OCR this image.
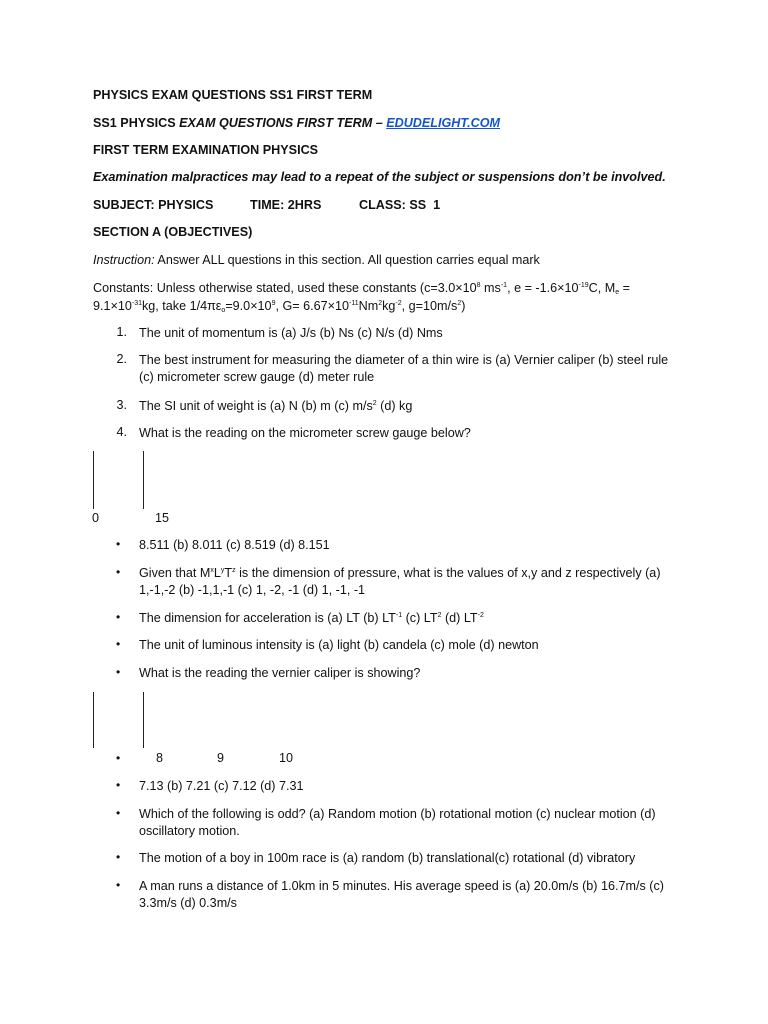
PHYSICS EXAM QUESTIONS SS1 FIRST TERM
SS1 PHYSICS EXAM QUESTIONS FIRST TERM – EDUDELIGHT.COM
FIRST TERM EXAMINATION PHYSICS
Examination malpractices may lead to a repeat of the subject or suspensions don’t be involved.
SUBJECT: PHYSICS	TIME: 2HRS	CLASS: SS  1
SECTION A (OBJECTIVES)
Instruction: Answer ALL questions in this section. All question carries equal mark
Constants: Unless otherwise stated, used these constants ($c=3.0\times 10^8$ $ms^{-1}$, $e = -1.6\times 10^{-19}C$, $M_e$ =
$9.1\times 10^{-31}kg$, take $1/4\pi\varepsilon_o=9.0\times 10^9$, $G= 6.67\times 10^{-11}Nm^2kg^{-2}$, $g=10m/s^2$)
1. The unit of momentum is (a) J/s (b) Ns (c) N/s (d) Nms
2. The best instrument for measuring the diameter of a thin wire is (a) Vernier caliper (b) steel rule (c) micrometer screw gauge (d) meter rule
3. The SI unit of weight is (a) N (b) m (c) $m/s^2$ (d) kg
4. What is the reading on the micrometer screw gauge below?
0	15
• 8.511 (b) 8.011 (c) 8.519 (d) 8.151
• Given that $M^xL^yT^z$ is the dimension of pressure, what is the values of x,y and z respectively (a) 1,-1,-2 (b) -1,1,-1 (c) 1, -2, -1 (d) 1, -1, -1
• The dimension for acceleration is (a) LT (b) $LT^{-1}$ (c) $LT^2$ (d) $LT^{-2}$
• The unit of luminous intensity is (a) light (b) candela (c) mole (d) newton
• What is the reading the vernier caliper is showing?
•	8	9	10
• 7.13 (b) 7.21 (c) 7.12 (d) 7.31
• Which of the following is odd? (a) Random motion (b) rotational motion (c) nuclear motion (d) oscillatory motion.
• The motion of a boy in 100m race is (a) random (b) translational(c) rotational (d) vibratory
• A man runs a distance of 1.0km in 5 minutes. His average speed is (a) 20.0m/s (b) 16.7m/s (c) 3.3m/s (d) 0.3m/s
